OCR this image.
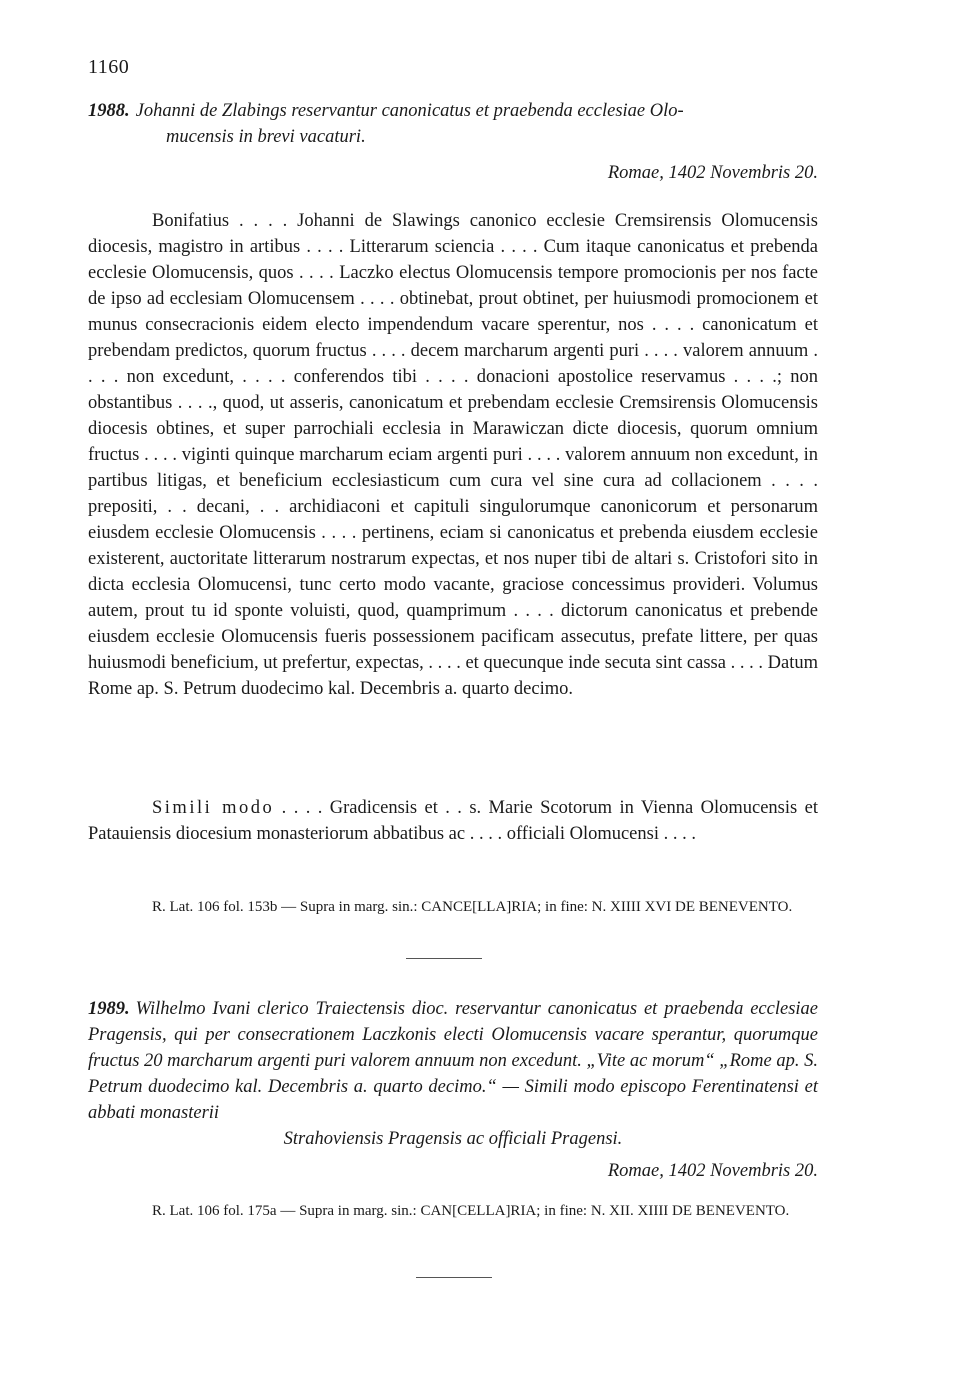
1160
1988. Johanni de Zlabings reservantur canonicatus et praebenda ecclesiae Olo-
mucensis in brevi vacaturi.
Romae, 1402 Novembris 20.

Bonifatius . . . . Johanni de Slawings canonico ecclesie Cremsirensis Olomucensis diocesis, magistro in artibus . . . . Litterarum sciencia . . . . Cum itaque canonicatus et prebenda ecclesie Olomucensis, quos . . . . Laczko electus Olomucensis tempore promocionis per nos facte de ipso ad ecclesiam Olomucensem . . . . obtinebat, prout obtinet, per huiusmodi promocionem et munus consecracionis eidem electo impendendum vacare sperentur, nos . . . . canonicatum et prebendam predictos, quorum fructus . . . . decem marcharum argenti puri . . . . valorem annuum . . . . non excedunt, . . . . conferendos tibi . . . . donacioni apostolice reservamus . . . .; non obstantibus . . . ., quod, ut asseris, canonicatum et prebendam ecclesie Cremsirensis Olomucensis diocesis obtines, et super parrochiali ecclesia in Marawiczan dicte diocesis, quorum omnium fructus . . . . viginti quinque marcharum eciam argenti puri . . . . valorem annuum non excedunt, in partibus litigas, et beneficium ecclesiasticum cum cura vel sine cura ad collacionem . . . . prepositi, . . decani, . . archidiaconi et capituli singulorumque canonicorum et personarum eiusdem ecclesie Olomucensis . . . . pertinens, eciam si canonicatus et prebenda eiusdem ecclesie existerent, auctoritate litterarum nostrarum expectas, et nos nuper tibi de altari s. Cristofori sito in dicta ecclesia Olomucensi, tunc certo modo vacante, graciose concessimus provideri. Volumus autem, prout tu id sponte voluisti, quod, quamprimum . . . . dictorum canonicatus et prebende eiusdem ecclesie Olomucensis fueris possessionem pacificam assecutus, prefate littere, per quas huiusmodi beneficium, ut prefertur, expectas, . . . . et quecunque inde secuta sint cassa . . . . Datum Rome ap. S. Petrum duodecimo kal. Decembris a. quarto decimo.

Simili modo . . . . Gradicensis et . . s. Marie Scotorum in Vienna Olomucensis et Patauiensis diocesium monasteriorum abbatibus ac . . . . officiali Olomucensi . . . .

R. Lat. 106 fol. 153b — Supra in marg. sin.: CANCE[LLA]RIA; in fine: N. XIIII XVI DE BENEVENTO.

1989. Wilhelmo Ivani clerico Traiectensis dioc. reservantur canonicatus et praebenda ecclesiae Pragensis, qui per consecrationem Laczkonis electi Olomucensis vacare sperantur, quorumque fructus 20 marcharum argenti puri valorem annuum non excedunt. „Vite ac morum“ „Rome ap. S. Petrum duodecimo kal. Decembris a. quarto decimo.“ — Simili modo episcopo Ferentinatensi et abbati monasterii
Strahoviensis Pragensis ac officiali Pragensi.
Romae, 1402 Novembris 20.

R. Lat. 106 fol. 175a — Supra in marg. sin.: CAN[CELLA]RIA; in fine: N. XII. XIIII DE BENEVENTO.
